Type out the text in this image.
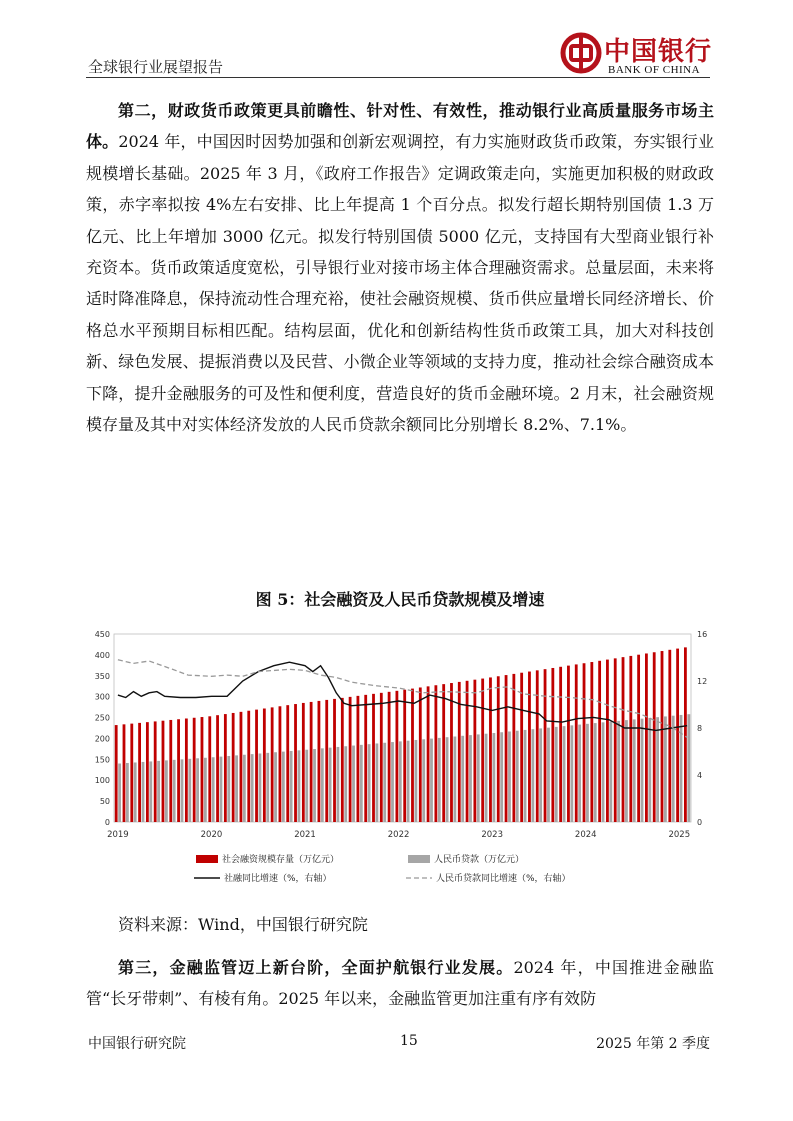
全球银行业展望报告	中国银行
BANK OF CHINA

第二，财政货币政策更具前瞻性、针对性、有效性，推动银行业高质量服务市场主体。2024 年，中国因时因势加强和创新宏观调控，有力实施财政货币政策，夯实银行业规模增长基础。2025 年 3 月，《政府工作报告》定调政策走向，实施更加积极的财政政策，赤字率拟按 4%左右安排、比上年提高 1 个百分点。拟发行超长期特别国债 1.3 万亿元、比上年增加 3000 亿元。拟发行特别国债 5000 亿元，支持国有大型商业银行补充资本。货币政策适度宽松，引导银行业对接市场主体合理融资需求。总量层面，未来将适时降准降息，保持流动性合理充裕，使社会融资规模、货币供应量增长同经济增长、价格总水平预期目标相匹配。结构层面，优化和创新结构性货币政策工具，加大对科技创新、绿色发展、提振消费以及民营、小微企业等领域的支持力度，推动社会综合融资成本下降，提升金融服务的可及性和便利度，营造良好的货币金融环境。2 月末，社会融资规模存量及其中对实体经济发放的人民币贷款余额同比分别增长 8.2%、7.1%。

图 5：社会融资及人民币贷款规模及增速
0
50
100
150
200
250
300
350
400
450
0
4
8
12
16
2019	2020	2021	2022	2023	2024	2025
社会融资规模存量（万亿元）	人民币贷款（万亿元）
社融同比增速（%，右轴）	人民币贷款同比增速（%，右轴）
资料来源：Wind，中国银行研究院

第三，金融监管迈上新台阶，全面护航银行业发展。2024 年，中国推进金融监管“长牙带刺”、有棱有角。2025 年以来，金融监管更加注重有序有效防

中国银行研究院	15	2025 年第 2 季度
